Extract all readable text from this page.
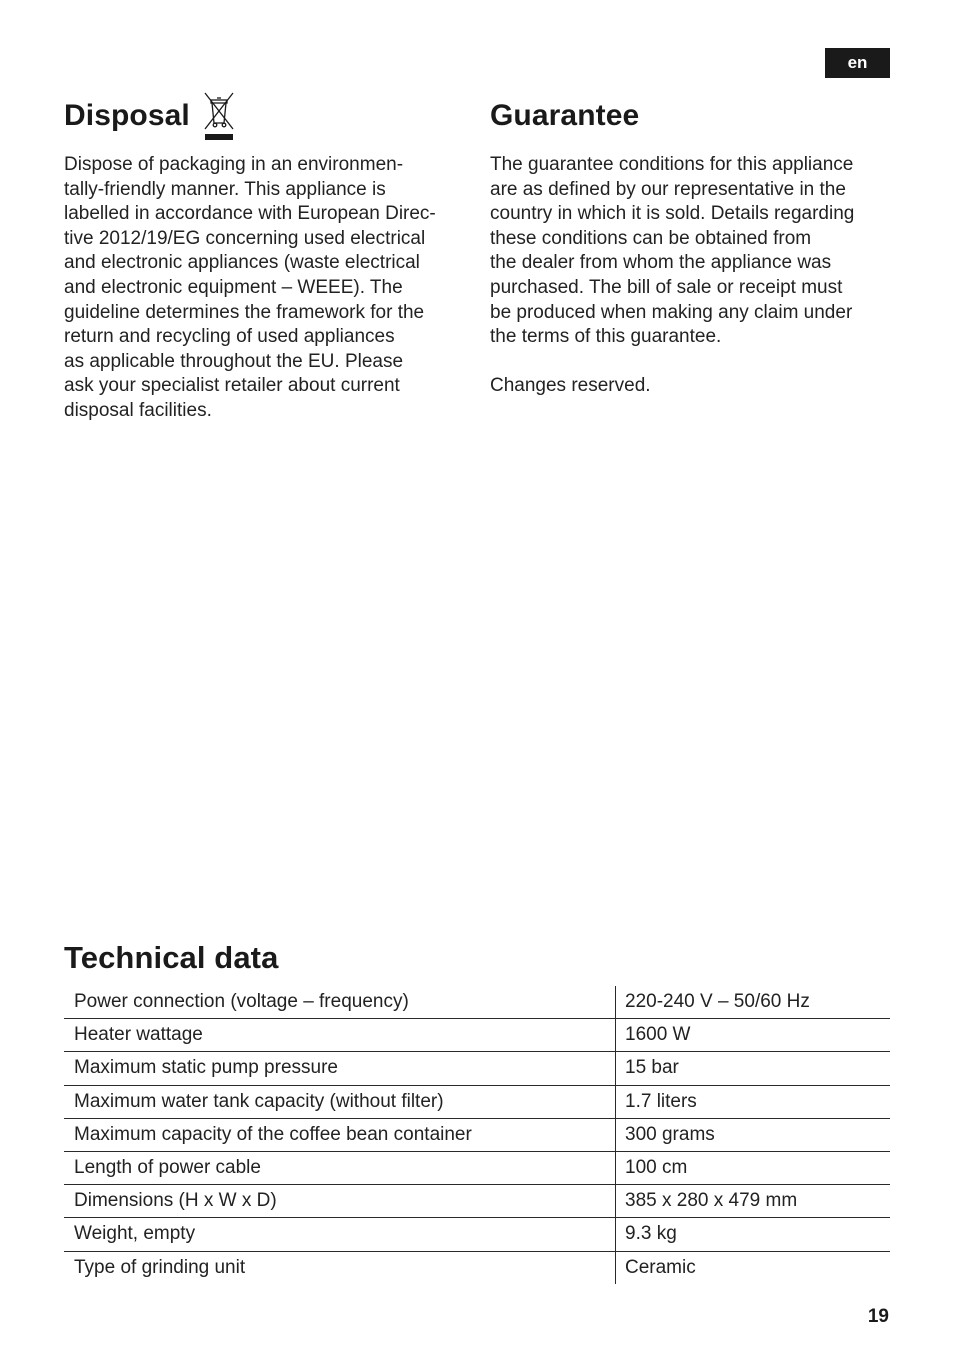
en
Disposal

Dispose of packaging in an environmen-
tally-friendly manner. This appliance is
labelled in accordance with European Direc-
tive 2012/19/EG concerning used electrical
and electronic appliances (waste electrical
and electronic equipment – WEEE). The
guideline determines the framework for the
return and recycling of used appliances
as applicable throughout the EU. Please
ask your specialist retailer about current
disposal facilities.

Guarantee

The guarantee conditions for this appliance
are as defined by our representative in the
country in which it is sold. Details regarding
these conditions can be obtained from
the dealer from whom the appliance was
purchased. The bill of sale or receipt must
be produced when making any claim under
the terms of this guarantee.

Changes reserved.

Technical data
Power connection (voltage – frequency)	220-240 V – 50/60 Hz
Heater wattage	1600 W
Maximum static pump pressure	15 bar
Maximum water tank capacity (without filter)	1.7 liters
Maximum capacity of the coffee bean container	300 grams
Length of power cable	100 cm
Dimensions (H x W x D)	385 x 280 x 479 mm
Weight, empty	9.3 kg
Type of grinding unit	Ceramic
19
